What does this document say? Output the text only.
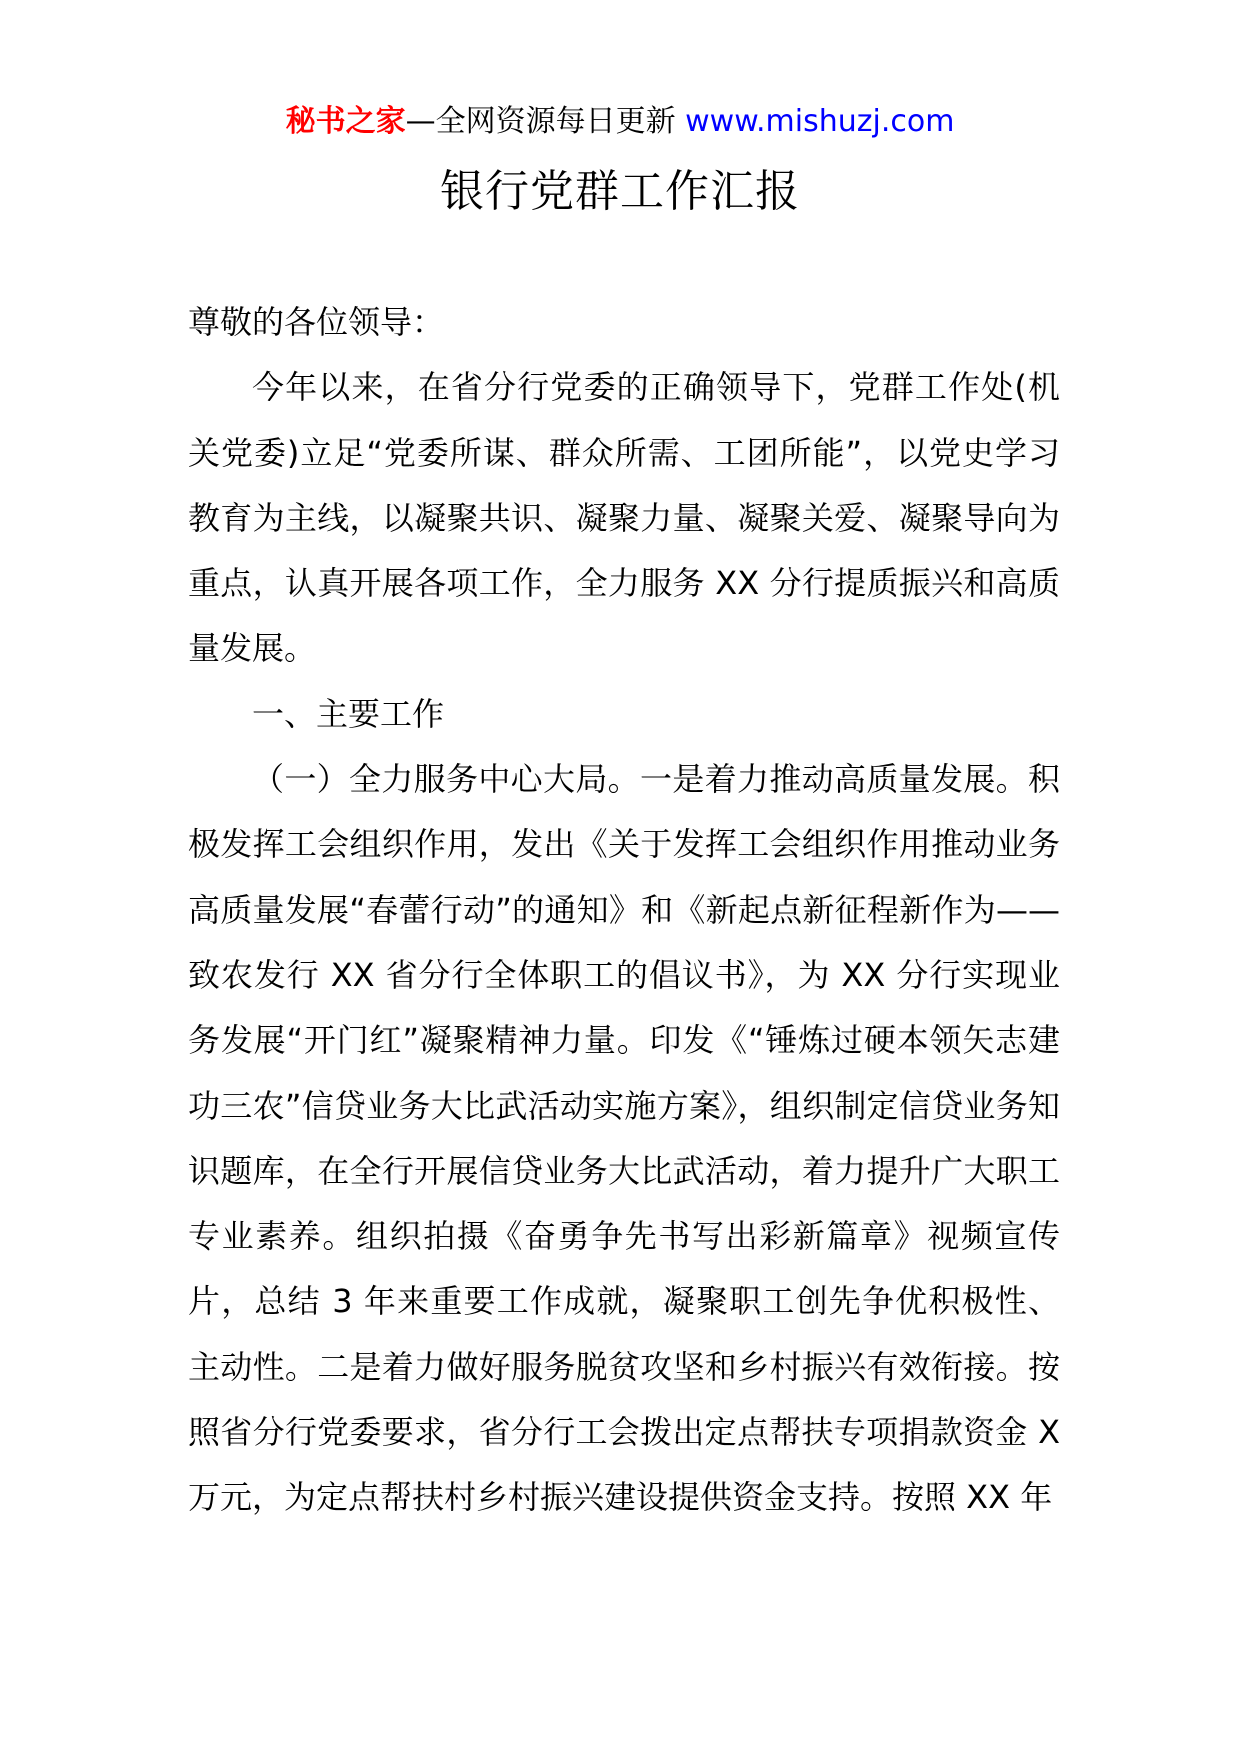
秘书之家—全网资源每日更新 www.mishuzj.com
银行党群工作汇报

尊敬的各位领导：

今年以来，在省分行党委的正确领导下，党群工作处(机关党委)立足“党委所谋、群众所需、工团所能”，以党史学习教育为主线，以凝聚共识、凝聚力量、凝聚关爱、凝聚导向为重点，认真开展各项工作，全力服务 XX 分行提质振兴和高质量发展。

一、主要工作

（一）全力服务中心大局。一是着力推动高质量发展。积极发挥工会组织作用，发出《关于发挥工会组织作用推动业务高质量发展“春蕾行动”的通知》和《新起点新征程新作为——致农发行 XX 省分行全体职工的倡议书》，为 XX 分行实现业务发展“开门红”凝聚精神力量。印发《“锤炼过硬本领矢志建功三农”信贷业务大比武活动实施方案》，组织制定信贷业务知识题库，在全行开展信贷业务大比武活动，着力提升广大职工专业素养。组织拍摄《奋勇争先书写出彩新篇章》视频宣传片，总结 3 年来重要工作成就，凝聚职工创先争优积极性、主动性。二是着力做好服务脱贫攻坚和乡村振兴有效衔接。按照省分行党委要求，省分行工会拨出定点帮扶专项捐款资金 X 万元，为定点帮扶村乡村振兴建设提供资金支持。按照 XX 年
